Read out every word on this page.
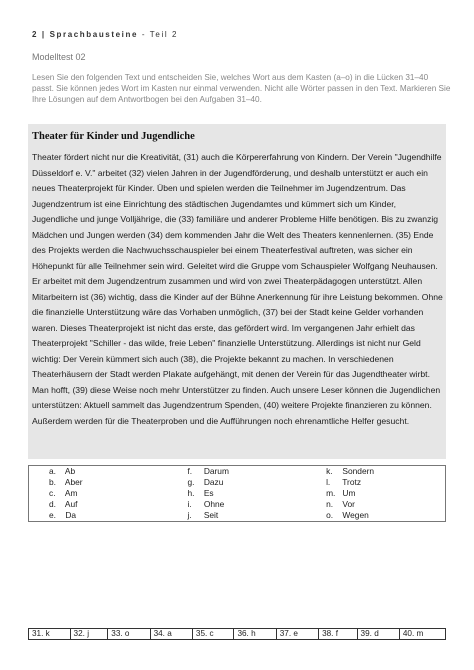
2 | Sprachbausteine - Teil 2
Modelltest 02
Lesen Sie den folgenden Text und entscheiden Sie, welches Wort aus dem Kasten (a–o) in die Lücken 31–40 passt. Sie können jedes Wort im Kasten nur einmal verwenden. Nicht alle Wörter passen in den Text. Markieren Sie Ihre Lösungen auf dem Antwortbogen bei den Aufgaben 31–40.
Theater für Kinder und Jugendliche
Theater fördert nicht nur die Kreativität, (31) auch die Körpererfahrung von Kindern. Der Verein "Jugendhilfe Düsseldorf e. V." arbeitet (32) vielen Jahren in der Jugendförderung, und deshalb unterstützt er auch ein neues Theaterprojekt für Kinder. Üben und spielen werden die Teilnehmer im Jugendzentrum. Das Jugendzentrum ist eine Einrichtung des städtischen Jugendamtes und kümmert sich um Kinder, Jugendliche und junge Volljährige, die (33) familiäre und anderer Probleme Hilfe benötigen. Bis zu zwanzig Mädchen und Jungen werden (34) dem kommenden Jahr die Welt des Theaters kennenlernen. (35) Ende des Projekts werden die Nachwuchsschauspieler bei einem Theaterfestival auftreten, was sicher ein Höhepunkt für alle Teilnehmer sein wird. Geleitet wird die Gruppe vom Schauspieler Wolfgang Neuhausen. Er arbeitet mit dem Jugendzentrum zusammen und wird von zwei Theaterpädagogen unterstützt. Allen Mitarbeitern ist (36) wichtig, dass die Kinder auf der Bühne Anerkennung für ihre Leistung bekommen. Ohne die finanzielle Unterstützung wäre das Vorhaben unmöglich, (37) bei der Stadt keine Gelder vorhanden waren. Dieses Theaterprojekt ist nicht das erste, das gefördert wird. Im vergangenen Jahr erhielt das Theaterprojekt "Schiller - das wilde, freie Leben" finanzielle Unterstützung. Allerdings ist nicht nur Geld wichtig: Der Verein kümmert sich auch (38), die Projekte bekannt zu machen. In verschiedenen Theaterhäusern der Stadt werden Plakate aufgehängt, mit denen der Verein für das Jugendtheater wirbt. Man hofft, (39) diese Weise noch mehr Unterstützer zu finden. Auch unsere Leser können die Jugendlichen unterstützen: Aktuell sammelt das Jugendzentrum Spenden, (40) weitere Projekte finanzieren zu können. Außerdem werden für die Theaterproben und die Aufführungen noch ehrenamtliche Helfer gesucht.
a. Ab	f. Darum	k. Sondern
b. Aber	g. Dazu	l. Trotz
c. Am	h. Es	m. Um
d. Auf	i. Ohne	n. Vor
e. Da	j. Seit	o. Wegen
31. k	32. j	33. o	34. a	35. c	36. h	37. e	38. f	39. d	40. m
